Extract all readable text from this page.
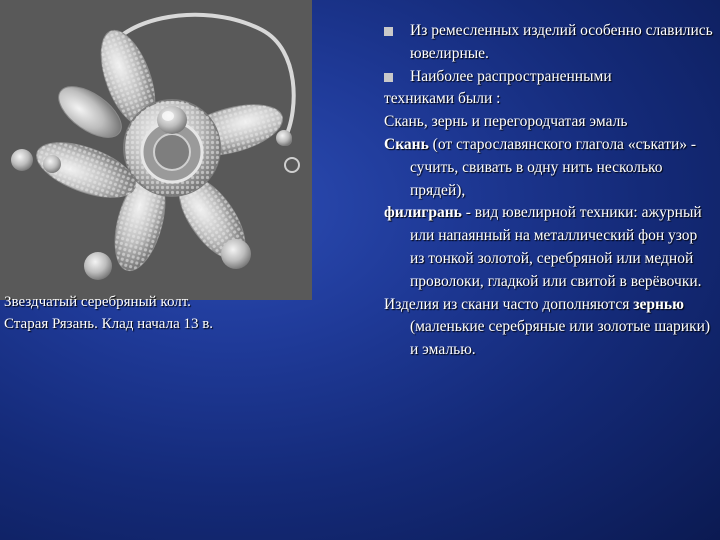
Звездчатый серебряный колт.
Старая Рязань. Клад начала 13 в.

Из ремесленных изделий особенно славились ювелирные.

Наиболее распространенными

техниками были :

Скань, зернь и перегородчатая эмаль

Скань (от старославянского глагола «съкати» - сучить, свивать в одну нить несколько прядей),

филигрань - вид ювелирной техники: ажурный или напаянный на металлический фон узор из тонкой золотой, серебряной или медной проволоки, гладкой или свитой в верёвочки.

Изделия из скани часто дополняются зернью (маленькие серебряные или золотые шарики) и эмалью.
